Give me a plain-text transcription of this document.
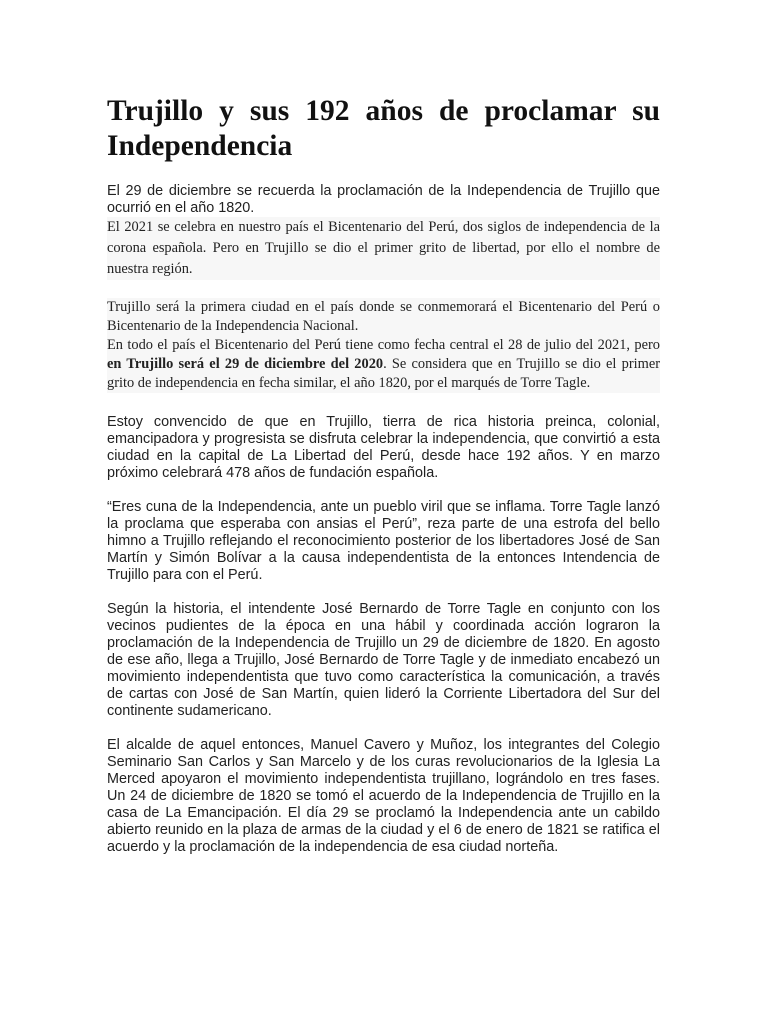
Trujillo y sus 192 años de proclamar su Independencia

El 29 de diciembre se recuerda la proclamación de la Independencia de Trujillo que ocurrió en el año 1820.

El 2021 se celebra en nuestro país el Bicentenario del Perú, dos siglos de independencia de la corona española. Pero en Trujillo se dio el primer grito de libertad, por ello el nombre de nuestra región.

Trujillo será la primera ciudad en el país donde se conmemorará el Bicentenario del Perú o Bicentenario de la Independencia Nacional.

En todo el país el Bicentenario del Perú tiene como fecha central el 28 de julio del 2021, pero en Trujillo será el 29 de diciembre del 2020. Se considera que en Trujillo se dio el primer grito de independencia en fecha similar, el año 1820, por el marqués de Torre Tagle.

Estoy convencido de que en Trujillo, tierra de rica historia preinca, colonial, emancipadora y progresista se disfruta celebrar la independencia, que convirtió a esta ciudad en la capital de La Libertad del Perú, desde hace 192 años. Y en marzo próximo celebrará 478 años de fundación española.

“Eres cuna de la Independencia, ante un pueblo viril que se inflama. Torre Tagle lanzó la proclama que esperaba con ansias el Perú”, reza parte de una estrofa del bello himno a Trujillo reflejando el reconocimiento posterior de los libertadores José de San Martín y Simón Bolívar a la causa independentista de la entonces Intendencia de Trujillo para con el Perú.

Según la historia, el intendente José Bernardo de Torre Tagle en conjunto con los vecinos pudientes de la época en una hábil y coordinada acción lograron la proclamación de la Independencia de Trujillo un 29 de diciembre de 1820. En agosto de ese año, llega a Trujillo, José Bernardo de Torre Tagle y de inmediato encabezó un movimiento independentista que tuvo como característica la comunicación, a través de cartas con José de San Martín, quien lideró la Corriente Libertadora del Sur del continente sudamericano.

El alcalde de aquel entonces, Manuel Cavero y Muñoz, los integrantes del Colegio Seminario San Carlos y San Marcelo y de los curas revolucionarios de la Iglesia La Merced apoyaron el movimiento independentista trujillano, lográndolo en tres fases. Un 24 de diciembre de 1820 se tomó el acuerdo de la Independencia de Trujillo en la casa de La Emancipación. El día 29 se proclamó la Independencia ante un cabildo abierto reunido en la plaza de armas de la ciudad y el 6 de enero de 1821 se ratifica el acuerdo y la proclamación de la independencia de esa ciudad norteña.
